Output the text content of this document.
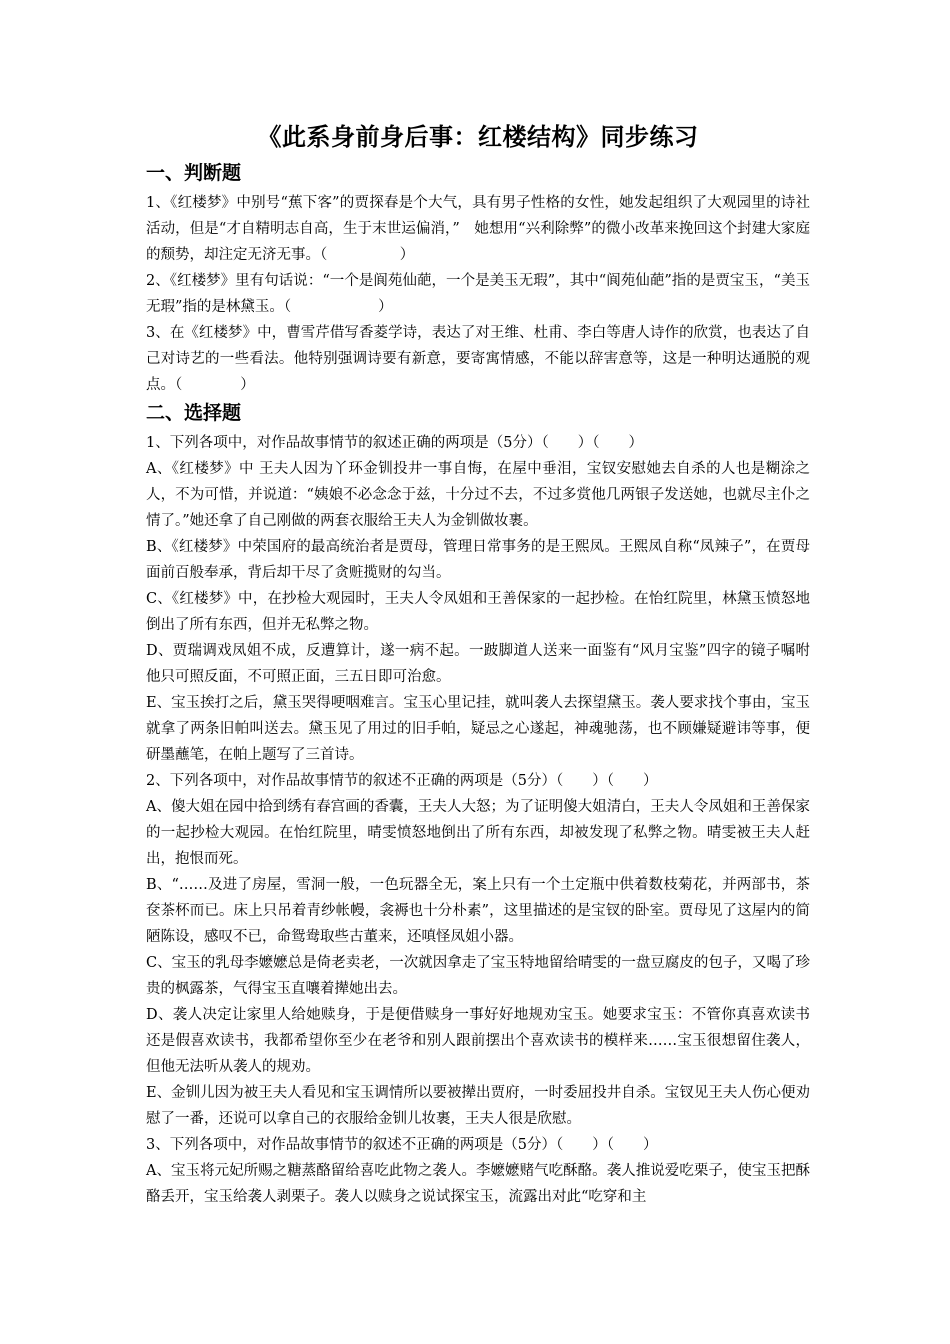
《此系身前身后事：红楼结构》同步练习
一、判断题

1、《红楼梦》中别号“蕉下客”的贾探春是个大气，具有男子性格的女性，她发起组织了大观园里的诗社活动，但是“才自精明志自高，生于末世运偏消，”　她想用“兴利除弊”的微小改革来挽回这个封建大家庭的颓势，却注定无济无事。（　　　　　）

2、《红楼梦》里有句话说：“一个是阆苑仙葩，一个是美玉无瑕”，其中“阆苑仙葩”指的是贾宝玉，“美玉无瑕”指的是林黛玉。（　　　　　　）

3、在《红楼梦》中，曹雪芹借写香菱学诗，表达了对王维、杜甫、李白等唐人诗作的欣赏，也表达了自己对诗艺的一些看法。他特别强调诗要有新意，要寄寓情感，不能以辞害意等，这是一种明达通脱的观点。（　　　　）

二、选择题

1、下列各项中，对作品故事情节的叙述正确的两项是（5分）（　　）（　　）

A、《红楼梦》中 王夫人因为丫环金钏投井一事自悔，在屋中垂泪，宝钗安慰她去自杀的人也是糊涂之人，不为可惜，并说道：“姨娘不必念念于兹，十分过不去，不过多赏他几两银子发送她，也就尽主仆之情了。”她还拿了自己刚做的两套衣服给王夫人为金钏做妆裹。

B、《红楼梦》中荣国府的最高统治者是贾母，管理日常事务的是王熙凤。王熙凤自称“凤辣子”，在贾母面前百般奉承，背后却干尽了贪赃揽财的勾当。

C、《红楼梦》中，在抄检大观园时，王夫人令凤姐和王善保家的一起抄检。在怡红院里，林黛玉愤怒地倒出了所有东西，但并无私弊之物。

D、贾瑞调戏凤姐不成，反遭算计，遂一病不起。一跛脚道人送来一面鉴有“风月宝鉴”四字的镜子嘱咐他只可照反面，不可照正面，三五日即可治愈。

E、宝玉挨打之后，黛玉哭得哽咽难言。宝玉心里记挂，就叫袭人去探望黛玉。袭人要求找个事由，宝玉就拿了两条旧帕叫送去。黛玉见了用过的旧手帕，疑忌之心遂起，神魂驰荡，也不顾嫌疑避讳等事，便研墨蘸笔，在帕上题写了三首诗。

2、下列各项中，对作品故事情节的叙述不正确的两项是（5分）（　　）（　　）

A、傻大姐在园中拾到绣有春宫画的香囊，王夫人大怒；为了证明傻大姐清白，王夫人令凤姐和王善保家的一起抄检大观园。在怡红院里，晴雯愤怒地倒出了所有东西，却被发现了私弊之物。晴雯被王夫人赶出，抱恨而死。

B、“……及进了房屋，雪洞一般，一色玩器全无，案上只有一个土定瓶中供着数枝菊花，并两部书，茶奁茶杯而已。床上只吊着青纱帐幔，衾褥也十分朴素”，这里描述的是宝钗的卧室。贾母见了这屋内的简陋陈设，感叹不已，命鸳鸯取些古董来，还嗔怪凤姐小器。

C、宝玉的乳母李嬷嬷总是倚老卖老，一次就因拿走了宝玉特地留给晴雯的一盘豆腐皮的包子，又喝了珍贵的枫露茶，气得宝玉直嚷着撵她出去。

D、袭人决定让家里人给她赎身，于是便借赎身一事好好地规劝宝玉。她要求宝玉：不管你真喜欢读书还是假喜欢读书，我都希望你至少在老爷和别人跟前摆出个喜欢读书的模样来……宝玉很想留住袭人，但他无法听从袭人的规劝。

E、金钏儿因为被王夫人看见和宝玉调情所以要被撵出贾府，一时委屈投井自杀。宝钗见王夫人伤心便劝慰了一番，还说可以拿自己的衣服给金钏儿妆裹，王夫人很是欣慰。

3、下列各项中，对作品故事情节的叙述不正确的两项是（5分）（　　）（　　）

A、宝玉将元妃所赐之糖蒸酪留给喜吃此物之袭人。李嬷嬷赌气吃酥酪。袭人推说爱吃栗子，使宝玉把酥酪丢开，宝玉给袭人剥栗子。袭人以赎身之说试探宝玉，流露出对此“吃穿和主
